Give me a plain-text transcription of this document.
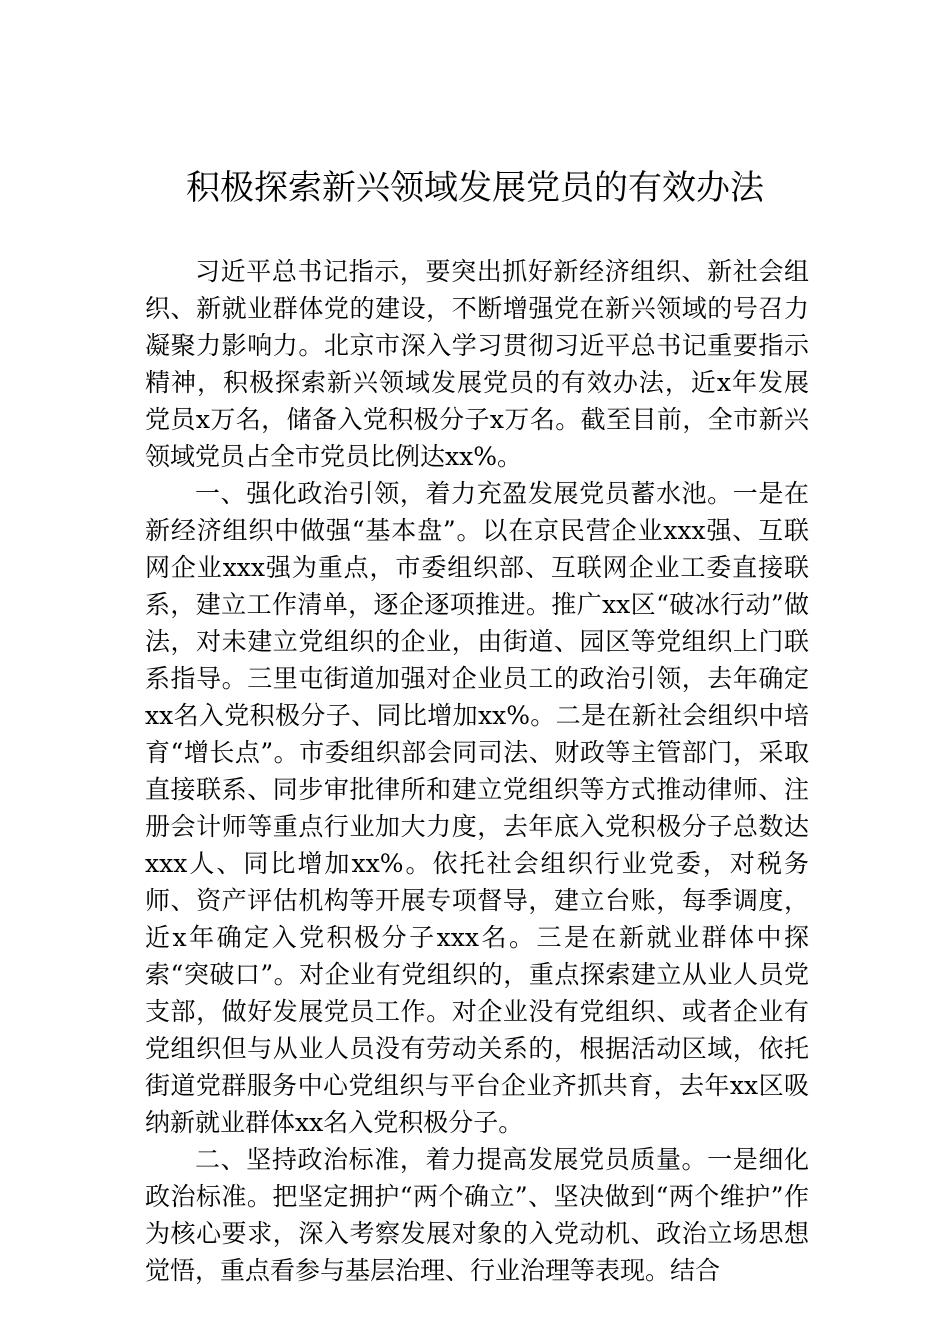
积极探索新兴领域发展党员的有效办法

习近平总书记指示，要突出抓好新经济组织、新社会组织、新就业群体党的建设，不断增强党在新兴领域的号召力凝聚力影响力。北京市深入学习贯彻习近平总书记重要指示精神，积极探索新兴领域发展党员的有效办法，近x年发展党员x万名，储备入党积极分子x万名。截至目前，全市新兴领域党员占全市党员比例达xx%。

一、强化政治引领，着力充盈发展党员蓄水池。一是在新经济组织中做强“基本盘”。以在京民营企业xxx强、互联网企业xxx强为重点，市委组织部、互联网企业工委直接联系，建立工作清单，逐企逐项推进。推广xx区“破冰行动”做法，对未建立党组织的企业，由街道、园区等党组织上门联系指导。三里屯街道加强对企业员工的政治引领，去年确定xx名入党积极分子、同比增加xx%。二是在新社会组织中培育“增长点”。市委组织部会同司法、财政等主管部门，采取直接联系、同步审批律所和建立党组织等方式推动律师、注册会计师等重点行业加大力度，去年底入党积极分子总数达xxx人、同比增加xx%。依托社会组织行业党委，对税务师、资产评估机构等开展专项督导，建立台账，每季调度，近x年确定入党积极分子xxx名。三是在新就业群体中探索“突破口”。对企业有党组织的，重点探索建立从业人员党支部，做好发展党员工作。对企业没有党组织、或者企业有党组织但与从业人员没有劳动关系的，根据活动区域，依托街道党群服务中心党组织与平台企业齐抓共育，去年xx区吸纳新就业群体xx名入党积极分子。

二、坚持政治标准，着力提高发展党员质量。一是细化政治标准。把坚定拥护“两个确立”、坚决做到“两个维护”作为核心要求，深入考察发展对象的入党动机、政治立场思想觉悟，重点看参与基层治理、行业治理等表现。结合
